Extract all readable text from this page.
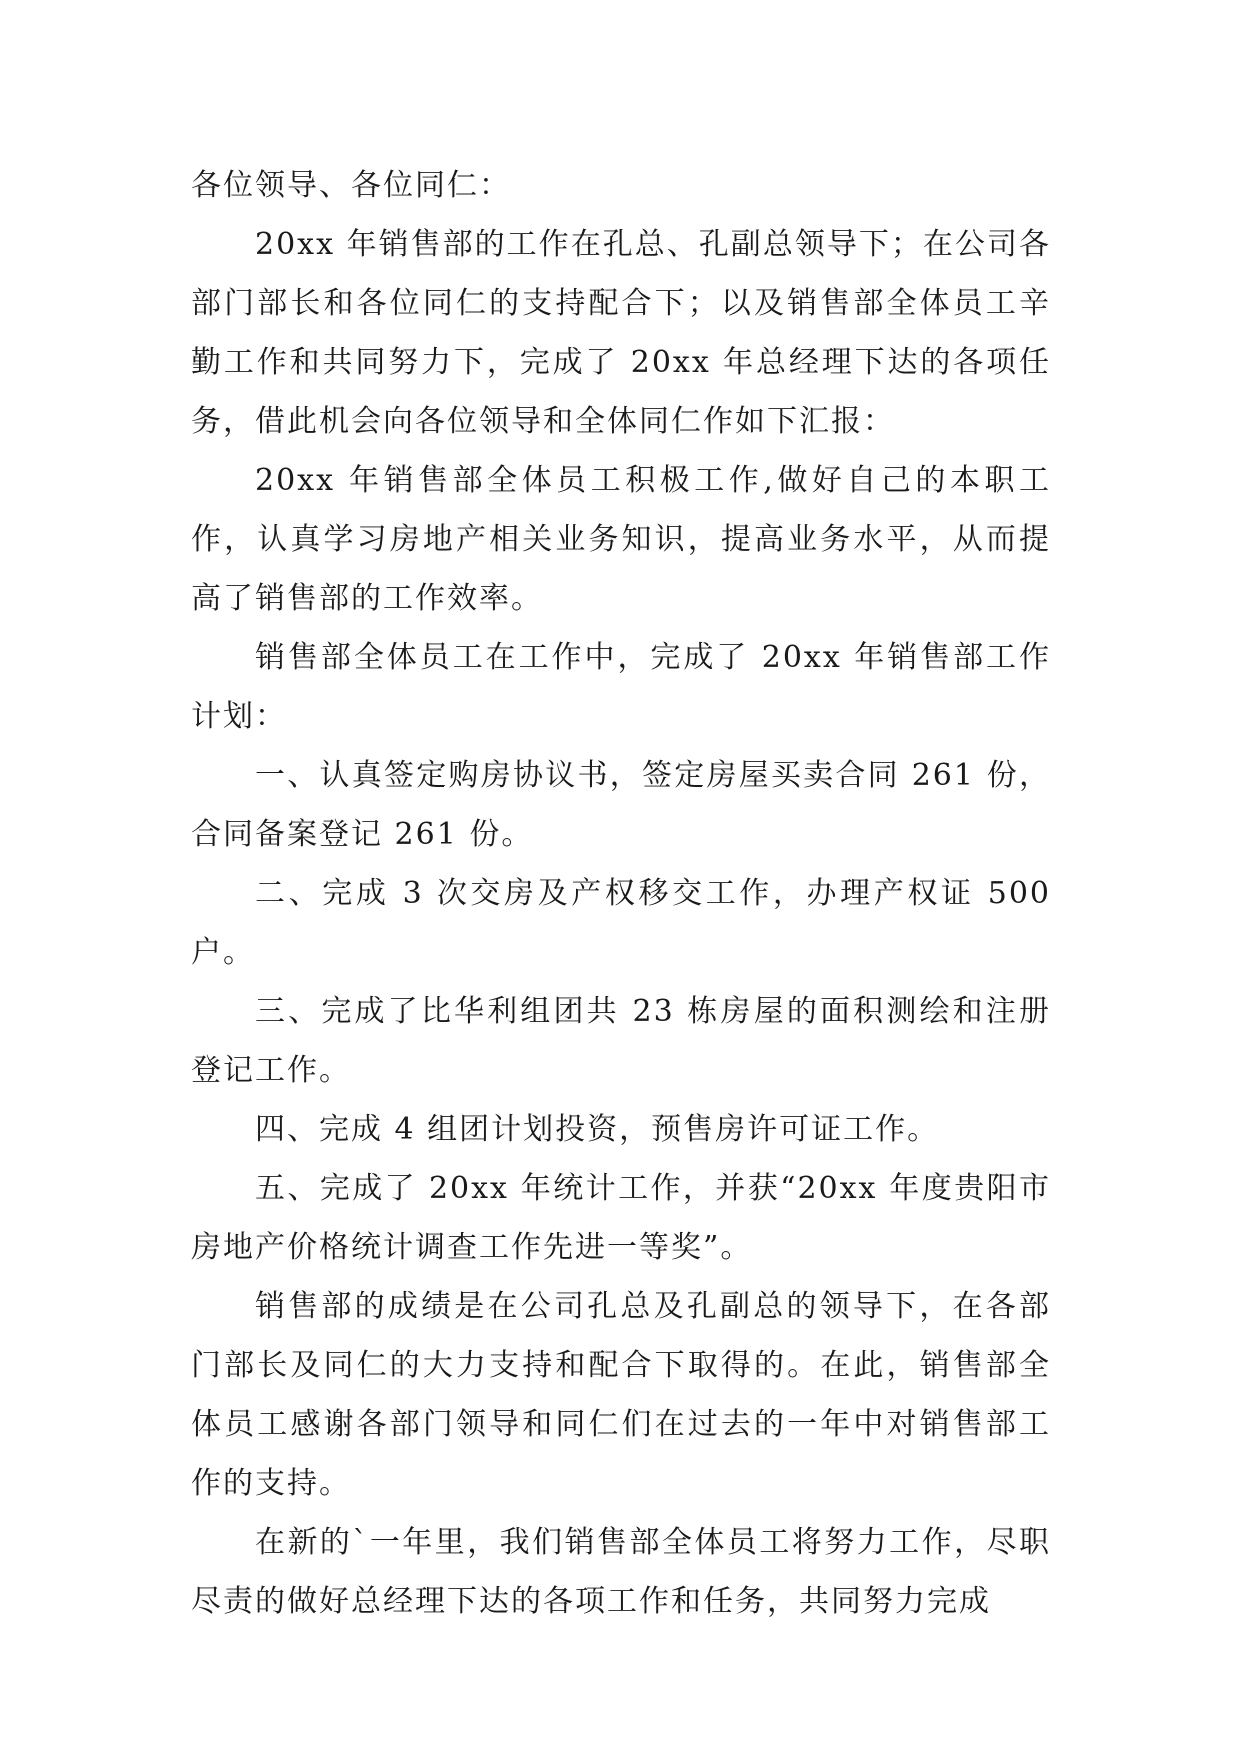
各位领导、各位同仁：

20xx 年销售部的工作在孔总、孔副总领导下；在公司各部门部长和各位同仁的支持配合下；以及销售部全体员工辛勤工作和共同努力下，完成了 20xx 年总经理下达的各项任务，借此机会向各位领导和全体同仁作如下汇报：

20xx 年销售部全体员工积极工作,做好自己的本职工作，认真学习房地产相关业务知识，提高业务水平，从而提高了销售部的工作效率。

销售部全体员工在工作中，完成了 20xx 年销售部工作计划：

一、认真签定购房协议书，签定房屋买卖合同 261 份，合同备案登记 261 份。

二、完成 3 次交房及产权移交工作，办理产权证 500 户。

三、完成了比华利组团共 23 栋房屋的面积测绘和注册登记工作。

四、完成 4 组团计划投资，预售房许可证工作。

五、完成了 20xx 年统计工作，并获“20xx 年度贵阳市房地产价格统计调查工作先进一等奖”。

销售部的成绩是在公司孔总及孔副总的领导下，在各部门部长及同仁的大力支持和配合下取得的。在此，销售部全体员工感谢各部门领导和同仁们在过去的一年中对销售部工作的支持。

在新的`一年里，我们销售部全体员工将努力工作，尽职尽责的做好总经理下达的各项工作和任务，共同努力完成
